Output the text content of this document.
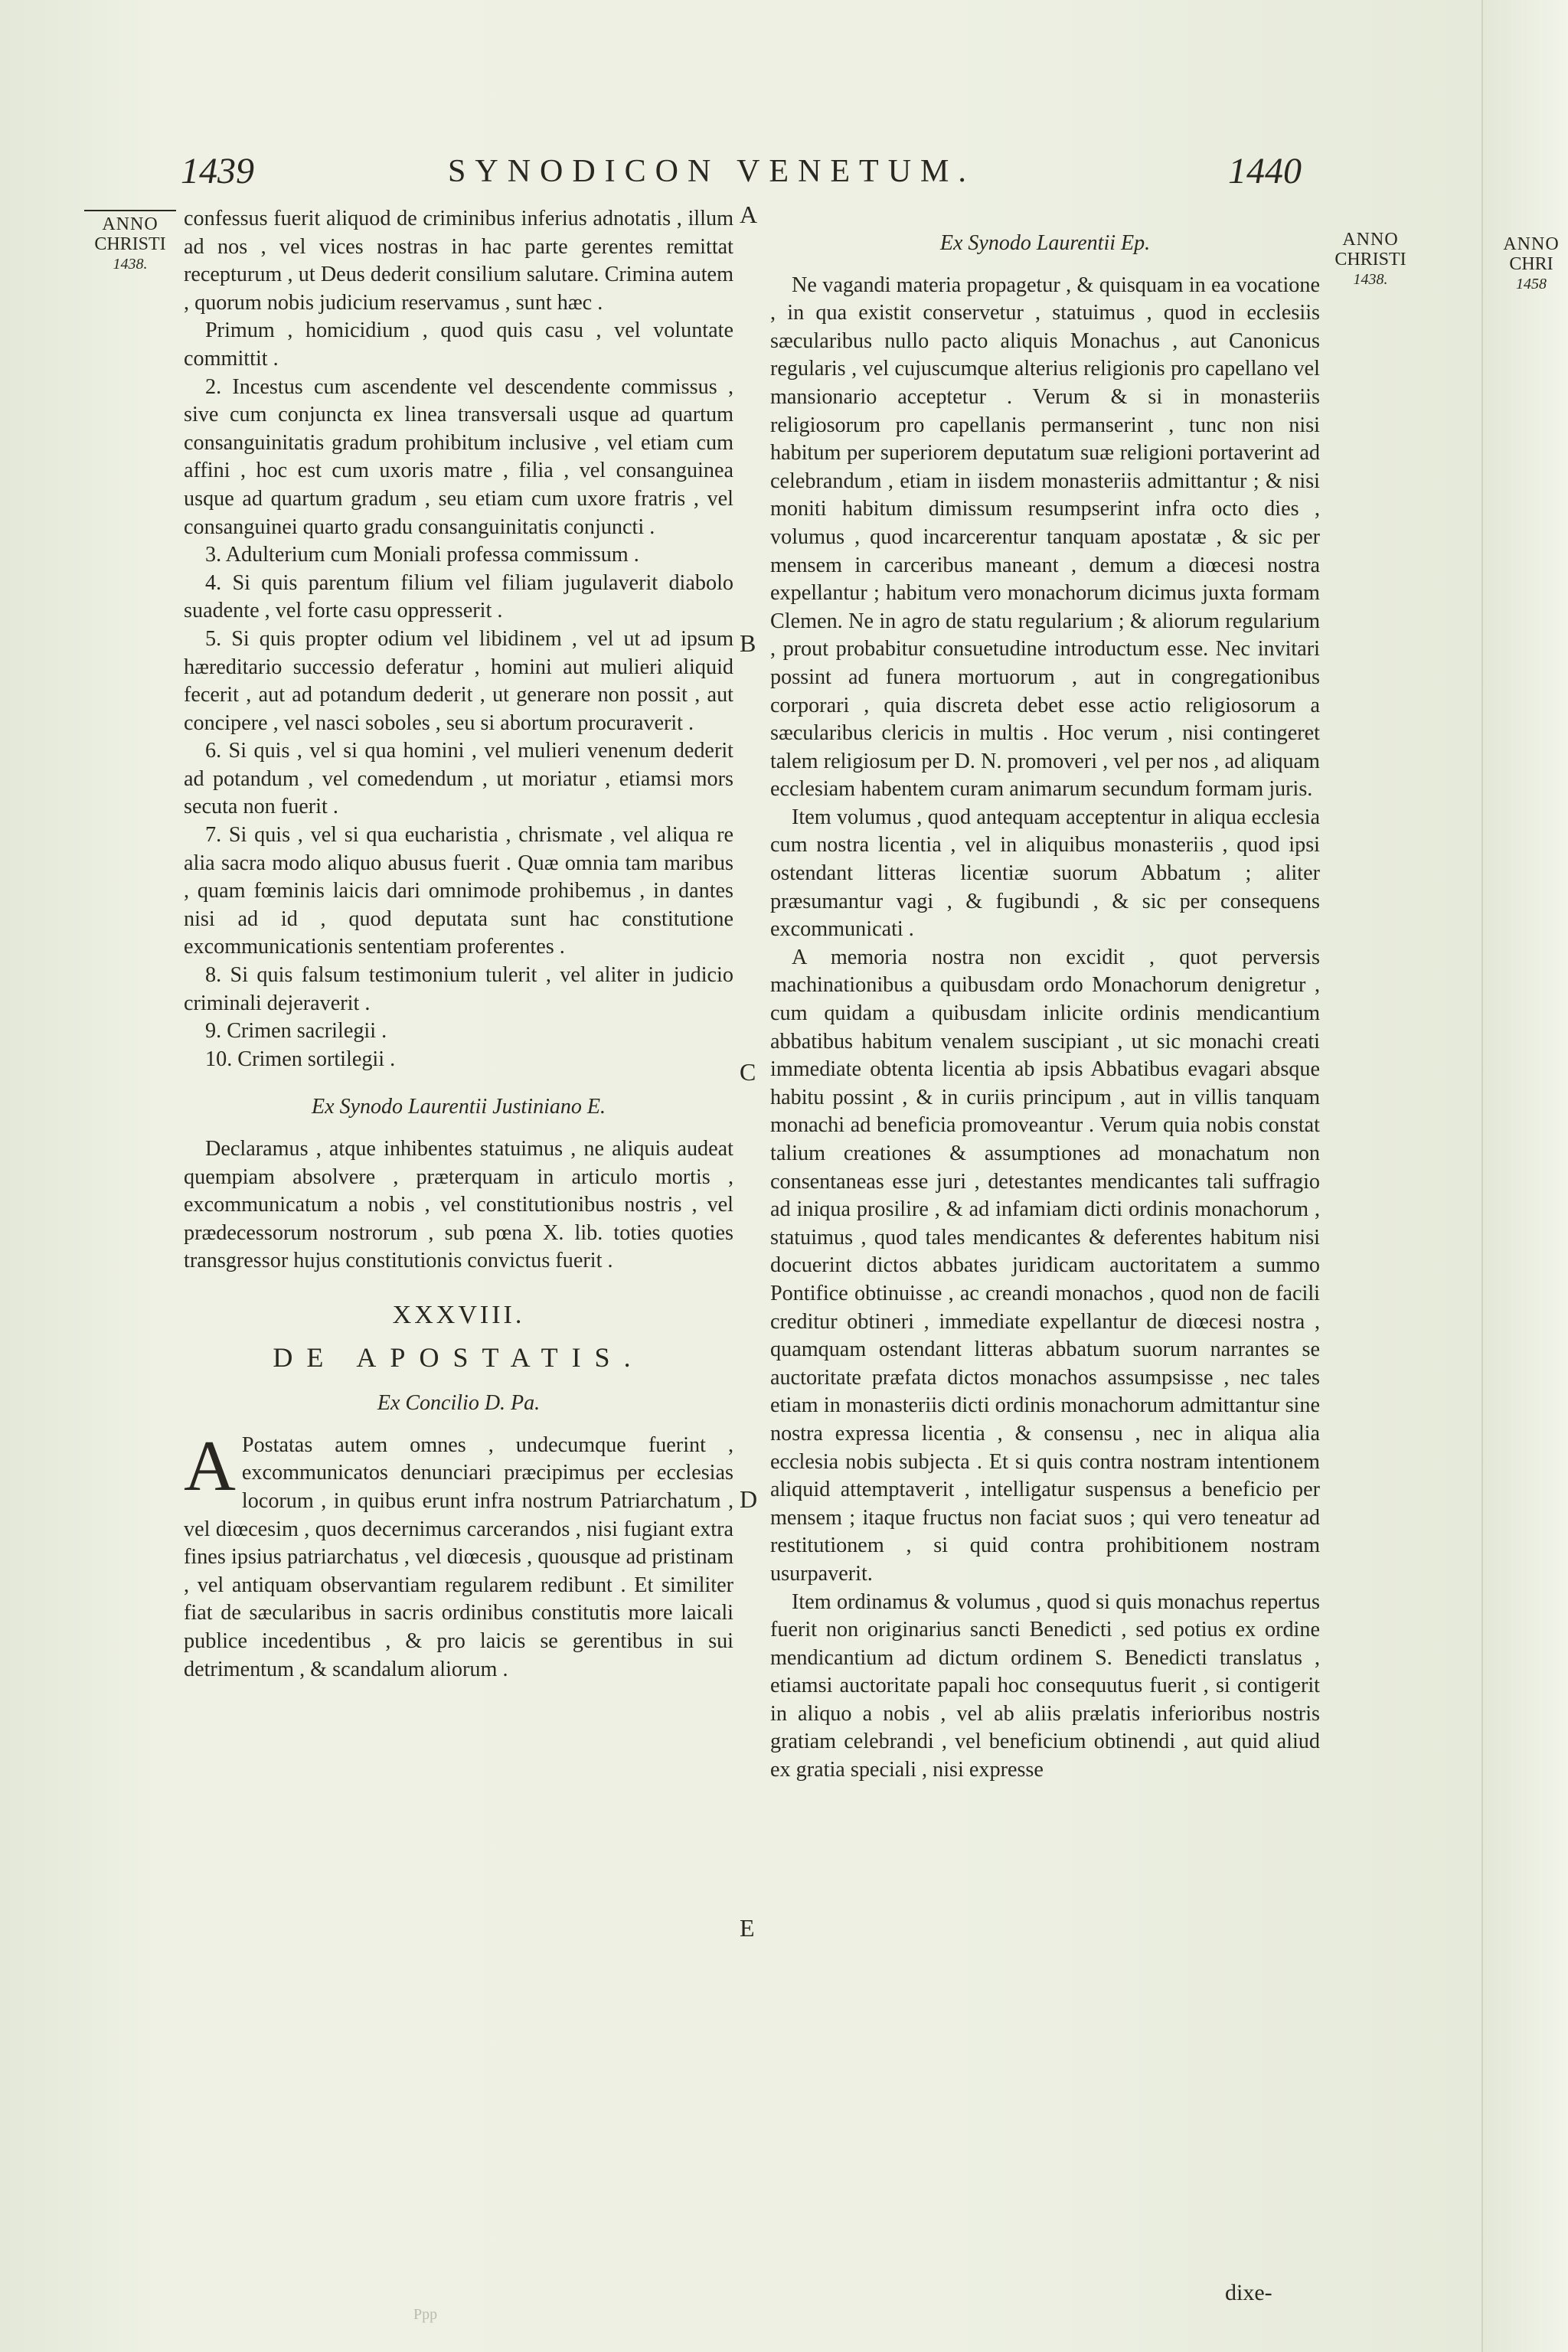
1439	SYNODICON VENETUM.	1440
ANNO
CHRISTI
1438.
ANNO
CHRISTI
1438.
ANNO
CHRI
1458
A
B
C
D
E

confessus fuerit aliquod de criminibus inferius adnotatis , illum ad nos , vel vices nostras in hac parte gerentes remittat recepturum , ut Deus dederit consilium salutare. Crimina autem , quorum nobis judicium reservamus , sunt hæc .

Primum , homicidium , quod quis casu , vel voluntate committit .

2. Incestus cum ascendente vel descendente commissus , sive cum conjuncta ex linea transversali usque ad quartum consanguinitatis gradum prohibitum inclusive , vel etiam cum affini , hoc est cum uxoris matre , filia , vel consanguinea usque ad quartum gradum , seu etiam cum uxore fratris , vel consanguinei quarto gradu consanguinitatis conjuncti .

3. Adulterium cum Moniali professa commissum .

4. Si quis parentum filium vel filiam jugulaverit diabolo suadente , vel forte casu oppresserit .

5. Si quis propter odium vel libidinem , vel ut ad ipsum hæreditario successio deferatur , homini aut mulieri aliquid fecerit , aut ad potandum dederit , ut generare non possit , aut concipere , vel nasci soboles , seu si abortum procuraverit .

6. Si quis , vel si qua homini , vel mulieri venenum dederit ad potandum , vel comedendum , ut moriatur , etiamsi mors secuta non fuerit .

7. Si quis , vel si qua eucharistia , chrismate , vel aliqua re alia sacra modo aliquo abusus fuerit . Quæ omnia tam maribus , quam fœminis laicis dari omnimode prohibemus , in dantes nisi ad id , quod deputata sunt hac constitutione excommunicationis sententiam proferentes .

8. Si quis falsum testimonium tulerit , vel aliter in judicio criminali dejeraverit .

9. Crimen sacrilegii .

10. Crimen sortilegii .

Ex Synodo Laurentii Justiniano E.

Declaramus , atque inhibentes statuimus , ne aliquis audeat quempiam absolvere , præterquam in articulo mortis , excommunicatum a nobis , vel constitutionibus nostris , vel prædecessorum nostrorum , sub pœna X. lib. toties quoties transgressor hujus constitutionis convictus fuerit .

XXXVIII.
DE APOSTATIS.
Ex Concilio D. Pa.

A Postatas autem omnes , undecumque fuerint , excommunicatos denunciari præcipimus per ecclesias locorum , in quibus erunt infra nostrum Patriarchatum , vel diœcesim , quos decernimus carcerandos , nisi fugiant extra fines ipsius patriarchatus , vel diœcesis , quousque ad pristinam , vel antiquam observantiam regularem redibunt . Et similiter fiat de sæcularibus in sacris ordinibus constitutis more laicali publice incedentibus , & pro laicis se gerentibus in sui detrimentum , & scandalum aliorum .

Ex Synodo Laurentii Ep.

Ne vagandi materia propagetur , & quisquam in ea vocatione , in qua existit conservetur , statuimus , quod in ecclesiis sæcularibus nullo pacto aliquis Monachus , aut Canonicus regularis , vel cujuscumque alterius religionis pro capellano vel mansionario acceptetur . Verum & si in monasteriis religiosorum pro capellanis permanserint , tunc non nisi habitum per superiorem deputatum suæ religioni portaverint ad celebrandum , etiam in iisdem monasteriis admittantur ; & nisi moniti habitum dimissum resumpserint infra octo dies , volumus , quod incarcerentur tanquam apostatæ , & sic per mensem in carceribus maneant , demum a diœcesi nostra expellantur ; habitum vero monachorum dicimus juxta formam Clemen. Ne in agro de statu regularium ; & aliorum regularium , prout probabitur consuetudine introductum esse. Nec invitari possint ad funera mortuorum , aut in congregationibus corporari , quia discreta debet esse actio religiosorum a sæcularibus clericis in multis . Hoc verum , nisi contingeret talem religiosum per D. N. promoveri , vel per nos , ad aliquam ecclesiam habentem curam animarum secundum formam juris.

Item volumus , quod antequam acceptentur in aliqua ecclesia cum nostra licentia , vel in aliquibus monasteriis , quod ipsi ostendant litteras licentiæ suorum Abbatum ; aliter præsumantur vagi , & fugibundi , & sic per consequens excommunicati .

A memoria nostra non excidit , quot perversis machinationibus a quibusdam ordo Monachorum denigretur , cum quidam a quibusdam inlicite ordinis mendicantium abbatibus habitum venalem suscipiant , ut sic monachi creati immediate obtenta licentia ab ipsis Abbatibus evagari absque habitu possint , & in curiis principum , aut in villis tanquam monachi ad beneficia promoveantur . Verum quia nobis constat talium creationes & assumptiones ad monachatum non consentaneas esse juri , detestantes mendicantes tali suffragio ad iniqua prosilire , & ad infamiam dicti ordinis monachorum , statuimus , quod tales mendicantes & deferentes habitum nisi docuerint dictos abbates juridicam auctoritatem a summo Pontifice obtinuisse , ac creandi monachos , quod non de facili creditur obtineri , immediate expellantur de diœcesi nostra , quamquam ostendant litteras abbatum suorum narrantes se auctoritate præfata dictos monachos assumpsisse , nec tales etiam in monasteriis dicti ordinis monachorum admittantur sine nostra expressa licentia , & consensu , nec in aliqua alia ecclesia nobis subjecta . Et si quis contra nostram intentionem aliquid attemptaverit , intelligatur suspensus a beneficio per mensem ; itaque fructus non faciat suos ; qui vero teneatur ad restitutionem , si quid contra prohibitionem nostram usurpaverit.

Item ordinamus & volumus , quod si quis monachus repertus fuerit non originarius sancti Benedicti , sed potius ex ordine mendicantium ad dictum ordinem S. Benedicti translatus , etiamsi auctoritate papali hoc consequutus fuerit , si contigerit in aliquo a nobis , vel ab aliis prælatis inferioribus nostris gratiam celebrandi , vel beneficium obtinendi , aut quid aliud ex gratia speciali , nisi expresse

dixe-
Ppp
